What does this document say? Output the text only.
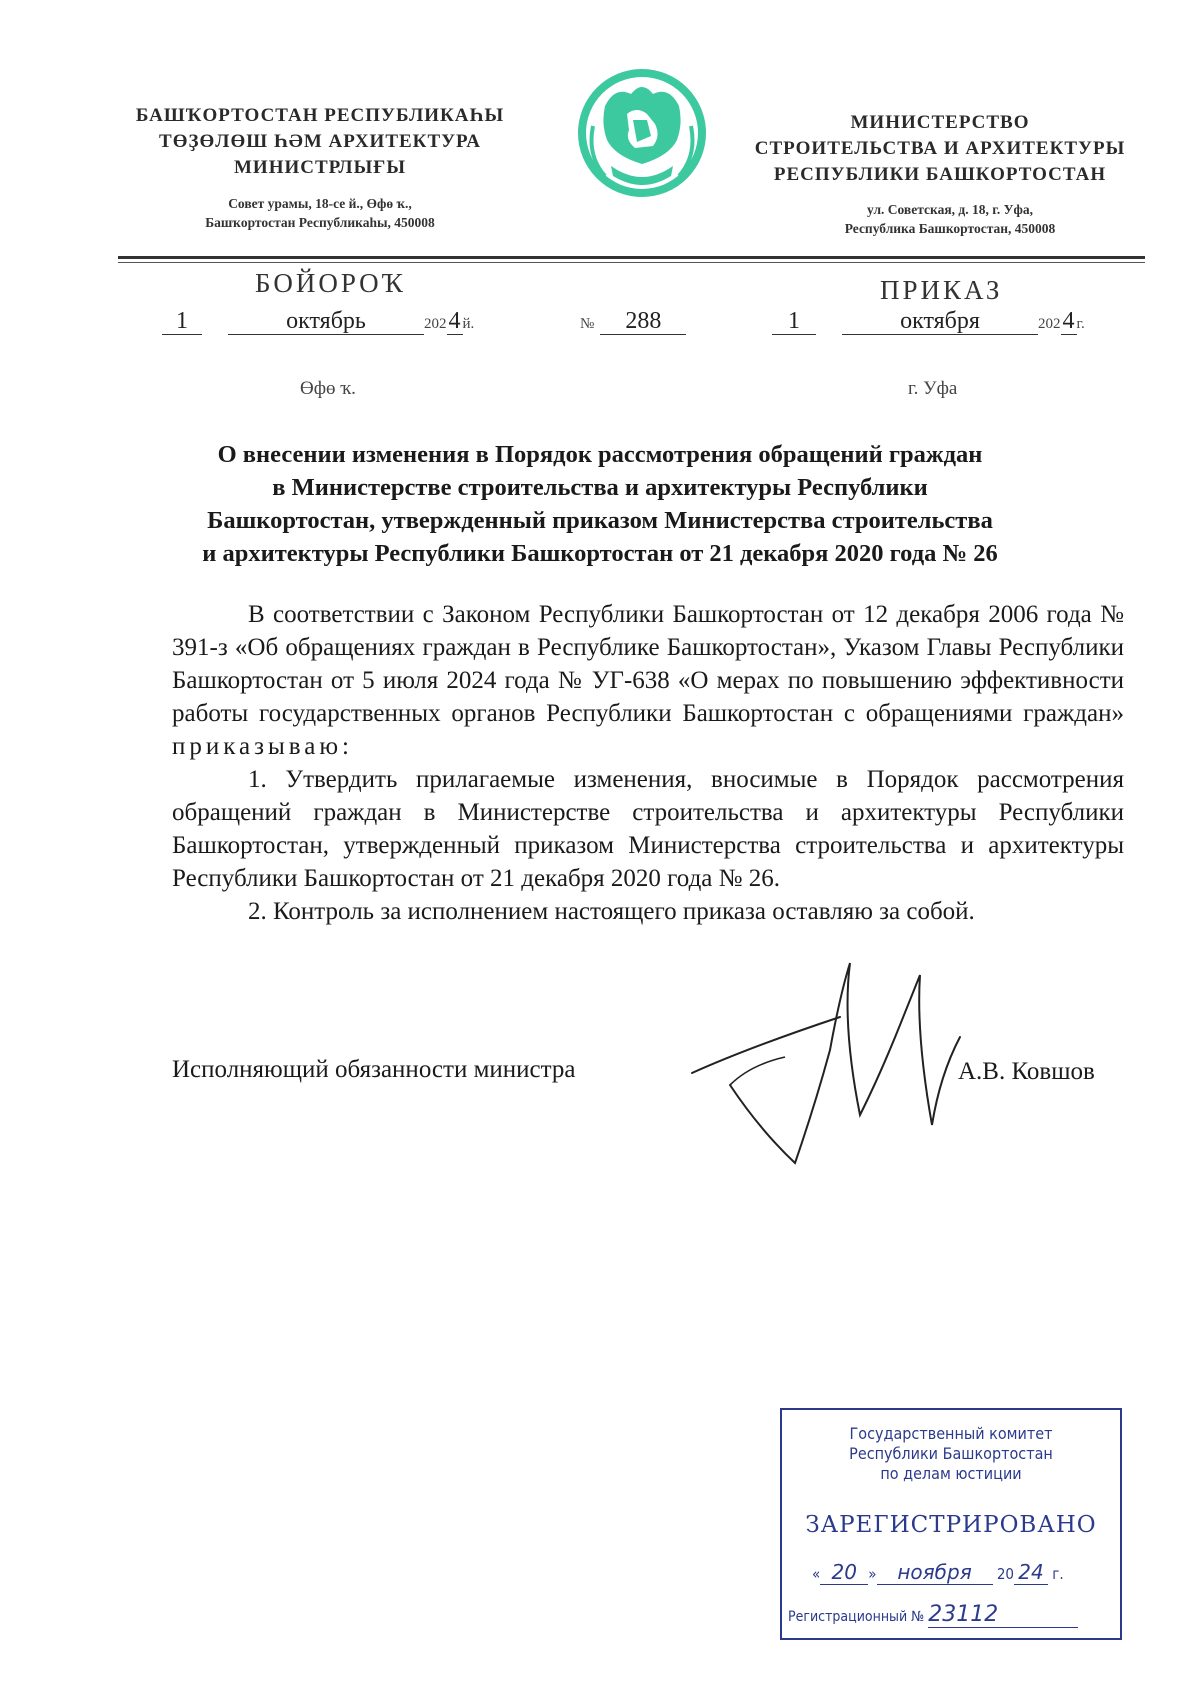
БАШҠОРТОСТАН РЕСПУБЛИКАҺЫ
ТӨҘӨЛӨШ ҺӘМ АРХИТЕКТУРА
МИНИСТРЛЫҒЫ
Совет урамы, 18-се й., Өфө ҡ.,
Башҡортостан Республикаһы, 450008
МИНИСТЕРСТВО
СТРОИТЕЛЬСТВА И АРХИТЕКТУРЫ
РЕСПУБЛИКИ БАШКОРТОСТАН
ул. Советская, д. 18, г. Уфа,
Республика Башкортостан, 450008
БОЙОРОҠ	ПРИКАЗ
1	октябрь	2024 й.	№ 288	1	октября	2024 г.
Өфө ҡ.	г. Уфа
О внесении изменения в Порядок рассмотрения обращений граждан
в Министерстве строительства и архитектуры Республики
Башкортостан, утвержденный приказом Министерства строительства
и архитектуры Республики Башкортостан от 21 декабря 2020 года № 26

В соответствии с Законом Республики Башкортостан от 12 декабря 2006 года № 391-з «Об обращениях граждан в Республике Башкортостан», Указом Главы Республики Башкортостан от 5 июля 2024 года № УГ-638 «О мерах по повышению эффективности работы государственных органов Республики Башкортостан с обращениями граждан» приказываю:

1. Утвердить прилагаемые изменения, вносимые в Порядок рассмотрения обращений граждан в Министерстве строительства и архитектуры Республики Башкортостан, утвержденный приказом Министерства строительства и архитектуры Республики Башкортостан от 21 декабря 2020 года № 26.

2. Контроль за исполнением настоящего приказа оставляю за собой.

Исполняющий обязанности министра	А.В. Ковшов
Государственный комитет
Республики Башкортостан
по делам юстиции
ЗАРЕГИСТРИРОВАНО
« 20 » ноября 20 24 г.
Регистрационный № 23112
